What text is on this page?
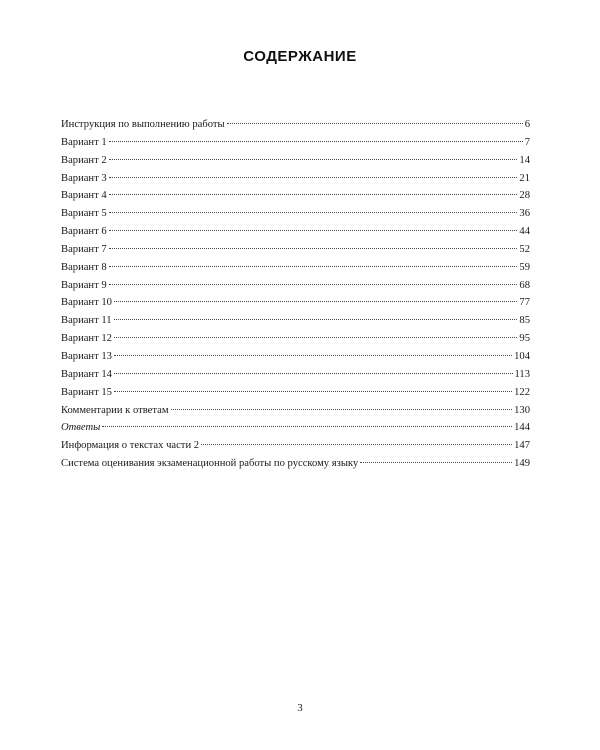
СОДЕРЖАНИЕ
Инструкция по выполнению работы	6
Вариант 1	7
Вариант 2	14
Вариант 3	21
Вариант 4	28
Вариант 5	36
Вариант 6	44
Вариант 7	52
Вариант 8	59
Вариант 9	68
Вариант 10	77
Вариант 11	85
Вариант 12	95
Вариант 13	104
Вариант 14	113
Вариант 15	122
Комментарии к ответам	130
Ответы	144
Информация о текстах части 2	147
Система оценивания экзаменационной работы по русскому языку	149
3
